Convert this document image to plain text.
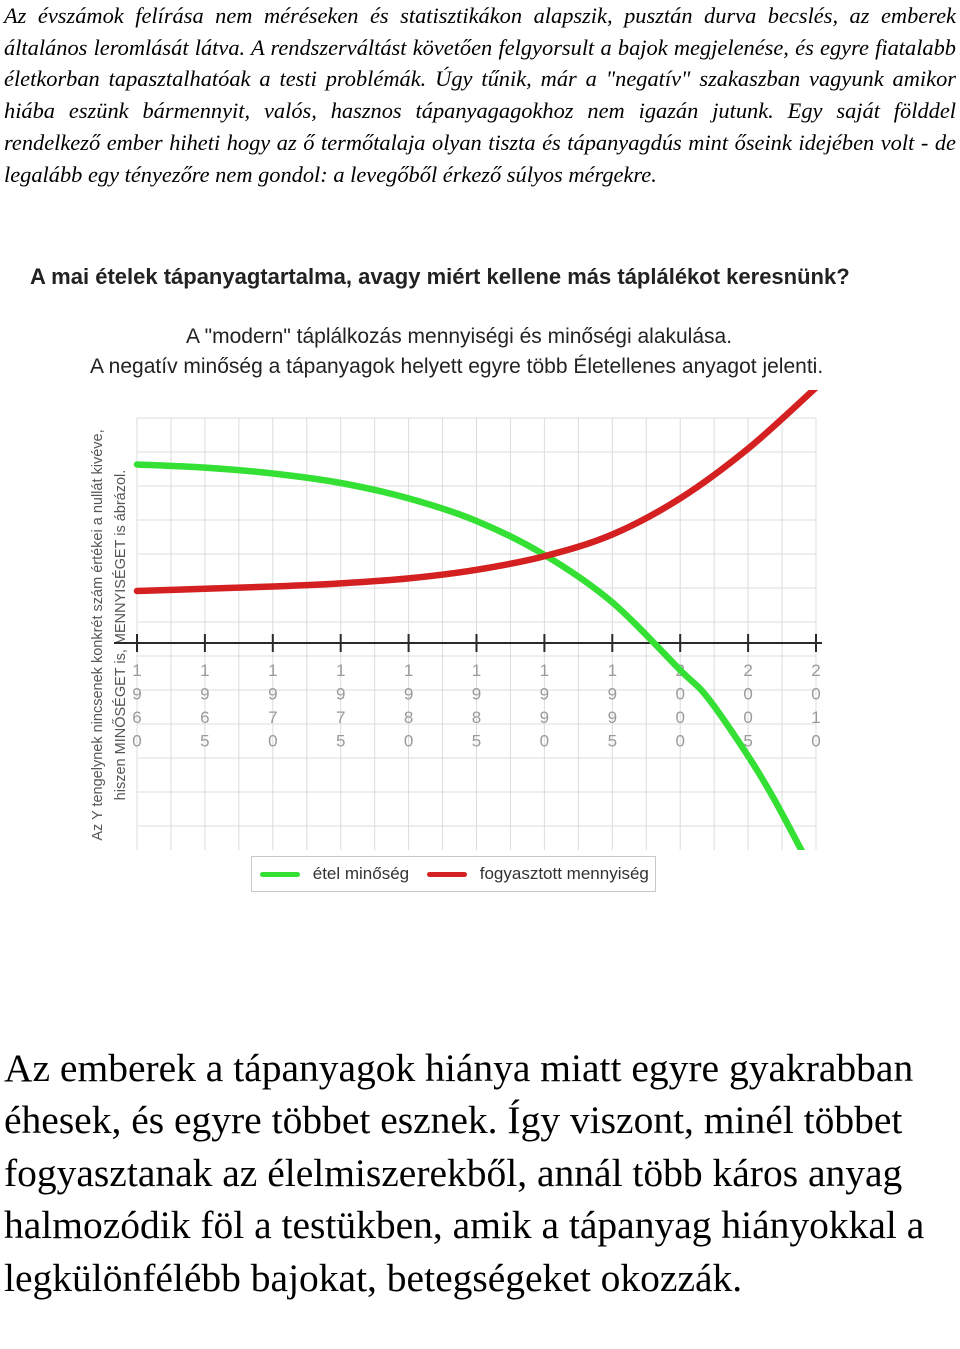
Az évszámok felírása nem méréseken és statisztikákon alapszik, pusztán durva becslés, az emberek általános leromlását látva. A rendszerváltást követően felgyorsult a bajok megjelenése, és egyre fiatalabb életkorban tapasztalhatóak a testi problémák. Úgy tűnik, már a "negatív" szakaszban vagyunk amikor hiába eszünk bármennyit, valós, hasznos tápanyagagokhoz nem igazán jutunk. Egy saját földdel rendelkező ember hiheti hogy az ő termőtalaja olyan tiszta és tápanyagdús mint őseink idejében volt - de legalább egy tényezőre nem gondol: a levegőből érkező súlyos mérgekre.

A mai ételek tápanyagtartalma, avagy miért kellene más táplálékot keresnünk?
A "modern" táplálkozás mennyiségi és minőségi alakulása.
A negatív minőség a tápanyagok helyett egyre több Életellenes anyagot jelenti.
Az Y tengelynek nincsenek konkrét szám értékei a nullát kivéve, hiszen MINŐSÉGET is, MENNYISÉGET is ábrázol. 1 9 6 0
1 9 6 5
1 9 7 0
1 9 7 5
1 9 8 0
1 9 8 5
1 9 9 0
1 9 9 5
2 0 0 0
2 0 0 5
2 0 1 0
étel minőség	fogyasztott mennyiség

Az emberek a tápanyagok hiánya miatt egyre gyakrabban éhesek, és egyre többet esznek. Így viszont, minél többet fogyasztanak az élelmiszerekből, annál több káros anyag halmozódik föl a testükben, amik a tápanyag hiányokkal a legkülönfélébb bajokat, betegségeket okozzák.
